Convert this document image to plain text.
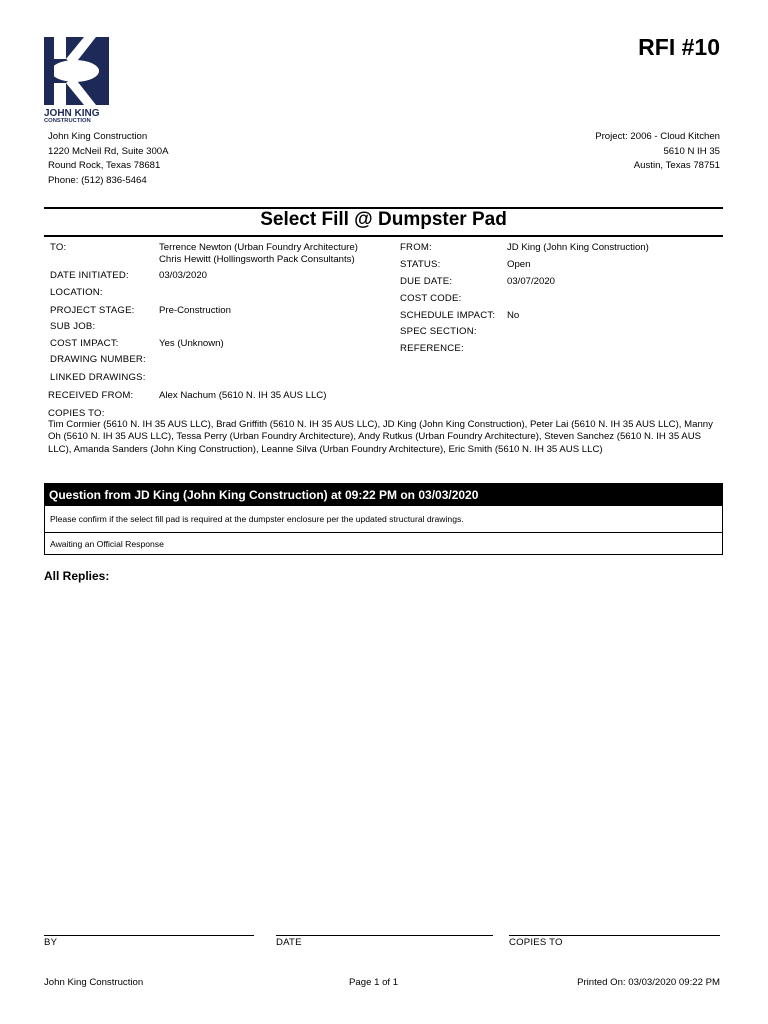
JOHN KING
CONSTRUCTION
RFI #10
John King Construction
1220 McNeil Rd, Suite 300A
Round Rock, Texas 78681
Phone: (512) 836-5464
Project: 2006 - Cloud Kitchen
5610 N IH 35
Austin, Texas 78751
Select Fill @ Dumpster Pad
TO:	Terrence Newton (Urban Foundry Architecture)
Chris Hewitt (Hollingsworth Pack Consultants)
DATE INITIATED:	03/03/2020
LOCATION:
PROJECT STAGE:	Pre-Construction
SUB JOB:
COST IMPACT:	Yes (Unknown)
DRAWING NUMBER:
LINKED DRAWINGS:
RECEIVED FROM:	Alex Nachum (5610 N. IH 35 AUS LLC)
FROM:	JD King (John King Construction)
STATUS:	Open
DUE DATE:	03/07/2020
COST CODE:
SCHEDULE IMPACT: No
SPEC SECTION:
REFERENCE:
COPIES TO:
Tim Cormier (5610 N. IH 35 AUS LLC), Brad Griffith (5610 N. IH 35 AUS LLC), JD King (John King Construction), Peter Lai (5610 N. IH 35 AUS LLC), Manny Oh (5610 N. IH 35 AUS LLC), Tessa Perry (Urban Foundry Architecture), Andy Rutkus (Urban Foundry Architecture), Steven Sanchez (5610 N. IH 35 AUS LLC), Amanda Sanders (John King Construction), Leanne Silva (Urban Foundry Architecture), Eric Smith (5610 N. IH 35 AUS LLC)
Question from JD King (John King Construction) at 09:22 PM on 03/03/2020
Please confirm if the select fill pad is required at the dumpster enclosure per the updated structural drawings.
Awaiting an Official Response
All Replies:
BY	DATE	COPIES TO
John King Construction	Page 1 of 1	Printed On: 03/03/2020 09:22 PM
